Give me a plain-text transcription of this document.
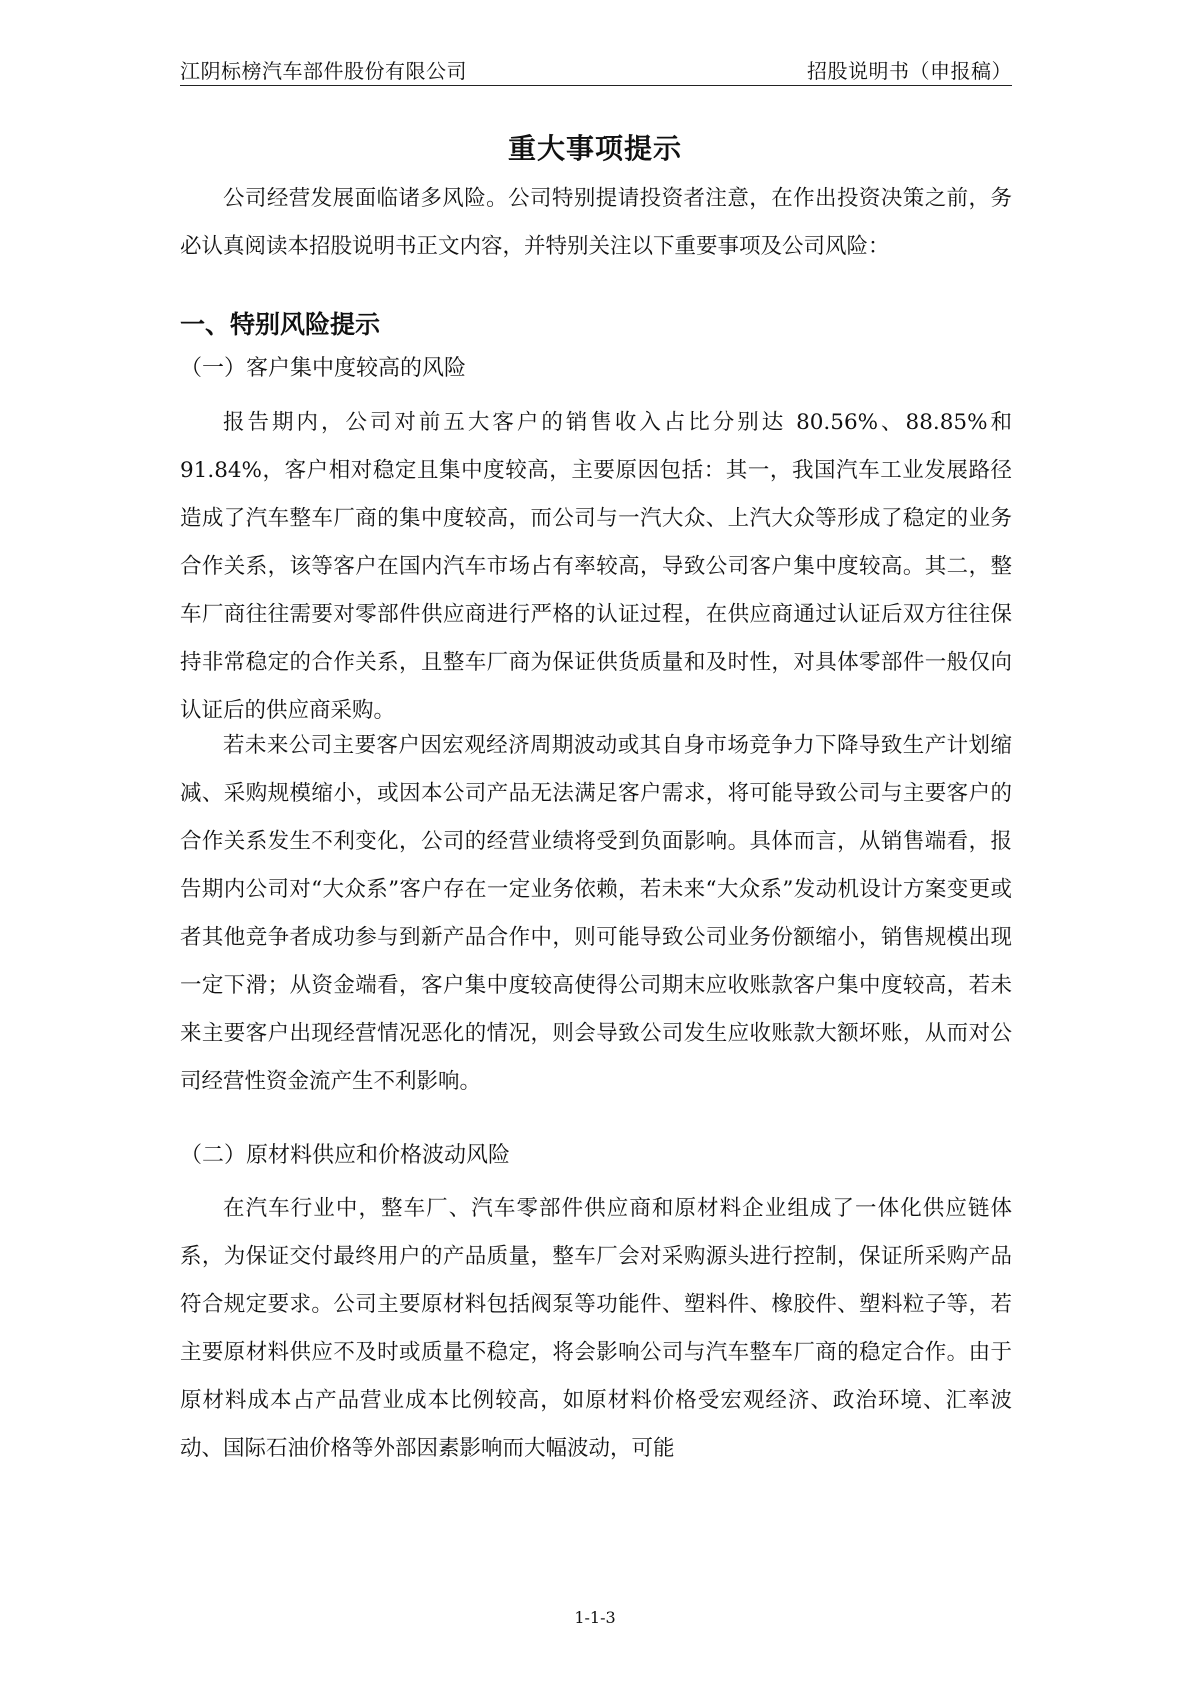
江阴标榜汽车部件股份有限公司	招股说明书（申报稿）
重大事项提示

公司经营发展面临诸多风险。公司特别提请投资者注意，在作出投资决策之前，务必认真阅读本招股说明书正文内容，并特别关注以下重要事项及公司风险：

一、特别风险提示
（一）客户集中度较高的风险

报告期内，公司对前五大客户的销售收入占比分别达 80.56%、88.85%和91.84%，客户相对稳定且集中度较高，主要原因包括：其一，我国汽车工业发展路径造成了汽车整车厂商的集中度较高，而公司与一汽大众、上汽大众等形成了稳定的业务合作关系，该等客户在国内汽车市场占有率较高，导致公司客户集中度较高。其二，整车厂商往往需要对零部件供应商进行严格的认证过程，在供应商通过认证后双方往往保持非常稳定的合作关系，且整车厂商为保证供货质量和及时性，对具体零部件一般仅向认证后的供应商采购。

若未来公司主要客户因宏观经济周期波动或其自身市场竞争力下降导致生产计划缩减、采购规模缩小，或因本公司产品无法满足客户需求，将可能导致公司与主要客户的合作关系发生不利变化，公司的经营业绩将受到负面影响。具体而言，从销售端看，报告期内公司对“大众系”客户存在一定业务依赖，若未来“大众系”发动机设计方案变更或者其他竞争者成功参与到新产品合作中，则可能导致公司业务份额缩小，销售规模出现一定下滑；从资金端看，客户集中度较高使得公司期末应收账款客户集中度较高，若未来主要客户出现经营情况恶化的情况，则会导致公司发生应收账款大额坏账，从而对公司经营性资金流产生不利影响。

（二）原材料供应和价格波动风险

在汽车行业中，整车厂、汽车零部件供应商和原材料企业组成了一体化供应链体系，为保证交付最终用户的产品质量，整车厂会对采购源头进行控制，保证所采购产品符合规定要求。公司主要原材料包括阀泵等功能件、塑料件、橡胶件、塑料粒子等，若主要原材料供应不及时或质量不稳定，将会影响公司与汽车整车厂商的稳定合作。由于原材料成本占产品营业成本比例较高，如原材料价格受宏观经济、政治环境、汇率波动、国际石油价格等外部因素影响而大幅波动，可能

1-1-3
